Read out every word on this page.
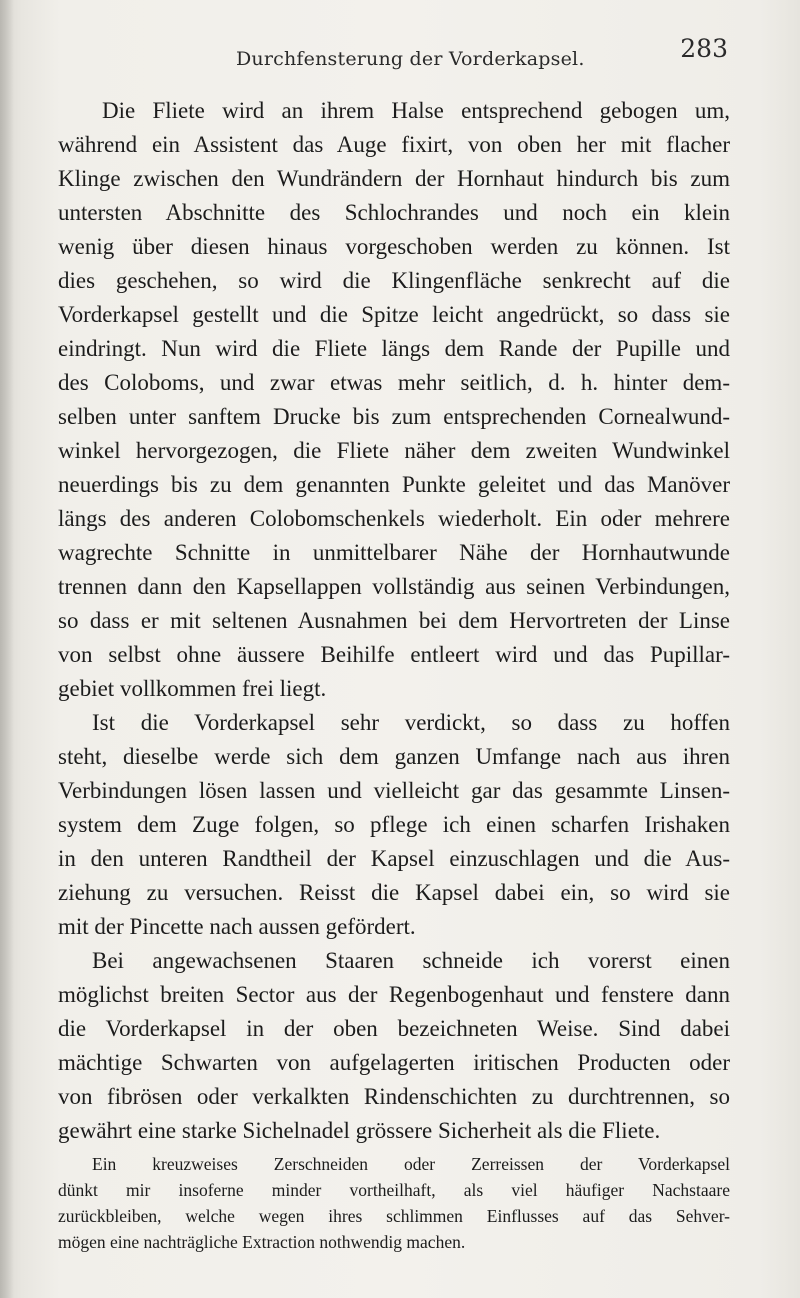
Durchfensterung der Vorderkapsel.	283
Die Fliete wird an ihrem Halse entsprechend gebogen um,
während ein Assistent das Auge fixirt, von oben her mit flacher
Klinge zwischen den Wundrändern der Hornhaut hindurch bis zum
untersten Abschnitte des Schlochrandes und noch ein klein
wenig über diesen hinaus vorgeschoben werden zu können. Ist
dies geschehen, so wird die Klingenfläche senkrecht auf die
Vorderkapsel gestellt und die Spitze leicht angedrückt, so dass sie
eindringt. Nun wird die Fliete längs dem Rande der Pupille und
des Coloboms, und zwar etwas mehr seitlich, d. h. hinter dem-
selben unter sanftem Drucke bis zum entsprechenden Cornealwund-
winkel hervorgezogen, die Fliete näher dem zweiten Wundwinkel
neuerdings bis zu dem genannten Punkte geleitet und das Manöver
längs des anderen Colobomschenkels wiederholt. Ein oder mehrere
wagrechte Schnitte in unmittelbarer Nähe der Hornhautwunde
trennen dann den Kapsellappen vollständig aus seinen Verbindungen,
so dass er mit seltenen Ausnahmen bei dem Hervortreten der Linse
von selbst ohne äussere Beihilfe entleert wird und das Pupillar-
gebiet vollkommen frei liegt.
Ist die Vorderkapsel sehr verdickt, so dass zu hoffen
steht, dieselbe werde sich dem ganzen Umfange nach aus ihren
Verbindungen lösen lassen und vielleicht gar das gesammte Linsen-
system dem Zuge folgen, so pflege ich einen scharfen Irishaken
in den unteren Randtheil der Kapsel einzuschlagen und die Aus-
ziehung zu versuchen. Reisst die Kapsel dabei ein, so wird sie
mit der Pincette nach aussen gefördert.
Bei angewachsenen Staaren schneide ich vorerst einen
möglichst breiten Sector aus der Regenbogenhaut und fenstere dann
die Vorderkapsel in der oben bezeichneten Weise. Sind dabei
mächtige Schwarten von aufgelagerten iritischen Producten oder
von fibrösen oder verkalkten Rindenschichten zu durchtrennen, so
gewährt eine starke Sichelnadel grössere Sicherheit als die Fliete.
Ein kreuzweises Zerschneiden oder Zerreissen der Vorderkapsel
dünkt mir insoferne minder vortheilhaft, als viel häufiger Nachstaare
zurückbleiben, welche wegen ihres schlimmen Einflusses auf das Sehver-
mögen eine nachträgliche Extraction nothwendig machen.
